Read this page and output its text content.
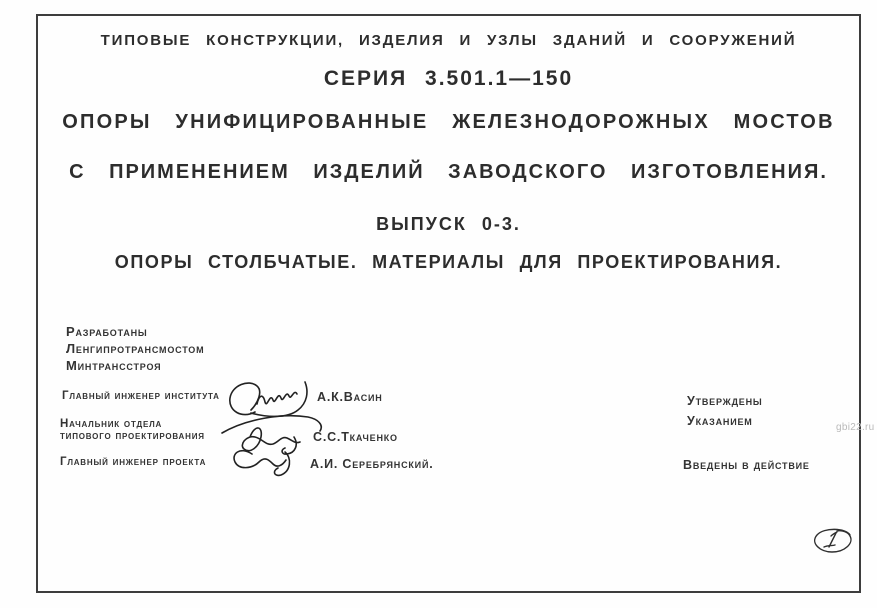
ТИПОВЫЕ КОНСТРУКЦИИ, ИЗДЕЛИЯ И УЗЛЫ ЗДАНИЙ И СООРУЖЕНИЙ
СЕРИЯ 3.501.1—150
ОПОРЫ УНИФИЦИРОВАННЫЕ ЖЕЛЕЗНОДОРОЖНЫХ МОСТОВ
С ПРИМЕНЕНИЕМ ИЗДЕЛИЙ ЗАВОДСКОГО ИЗГОТОВЛЕНИЯ.
ВЫПУСК 0-3.
ОПОРЫ СТОЛБЧАТЫЕ. МАТЕРИАЛЫ ДЛЯ ПРОЕКТИРОВАНИЯ.
Разработаны
Ленгипротрансмостом
Минтрансстроя
Главный инженер института	А.К.Васин
Начальник отдела
типового проектирования	С.С.Ткаченко
Главный инженер проекта	А.И. Серебрянский.
Утверждены
Указанием
Введены в действие
gbi22.ru
